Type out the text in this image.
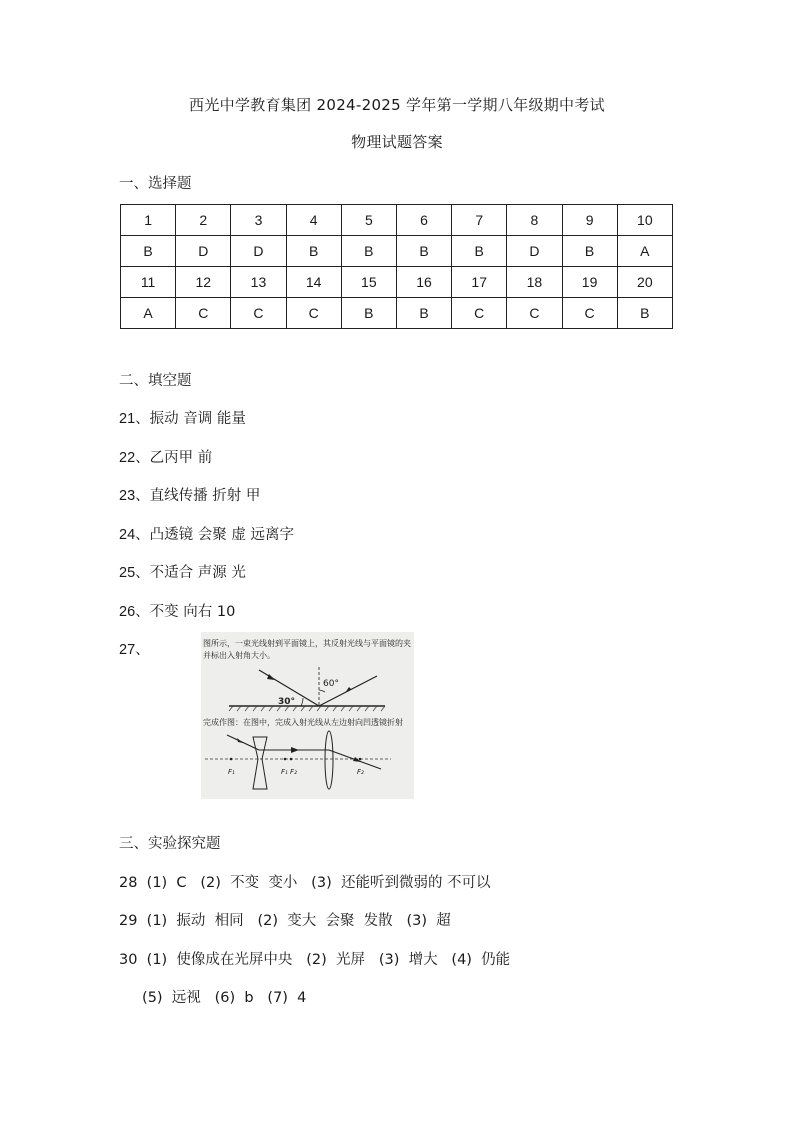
西光中学教育集团 2024-2025 学年第一学期八年级期中考试
物理试题答案
一、选择题
1	2	3	4	5	6	7	8	9	10
B	D	D	B	B	B	B	D	B	A
11	12	13	14	15	16	17	18	19	20
A	C	C	C	B	B	C	C	C	B
二、填空题
21、振动 音调 能量
22、乙丙甲 前
23、直线传播 折射 甲
24、凸透镜 会聚 虚 远离字
25、不适合 声源 光
26、不变 向右 10
27、	图所示，一束光线射到平面镜上，其反射光线与平面镜的夹
并标出入射角大小。
30°
60°
完成作图：在图中，完成入射光线从左边射向凹透镜折射
F₁	F₁ F₂	F₂
三、实验探究题
28  (1)  C   (2)  不变  变小   (3)  还能听到微弱的 不可以
29  (1)  振动  相同   (2)  变大  会聚  发散   (3)  超
30  (1)  使像成在光屏中央   (2)  光屏   (3)  增大   (4)  仍能
(5)  远视   (6)  b   (7)  4
